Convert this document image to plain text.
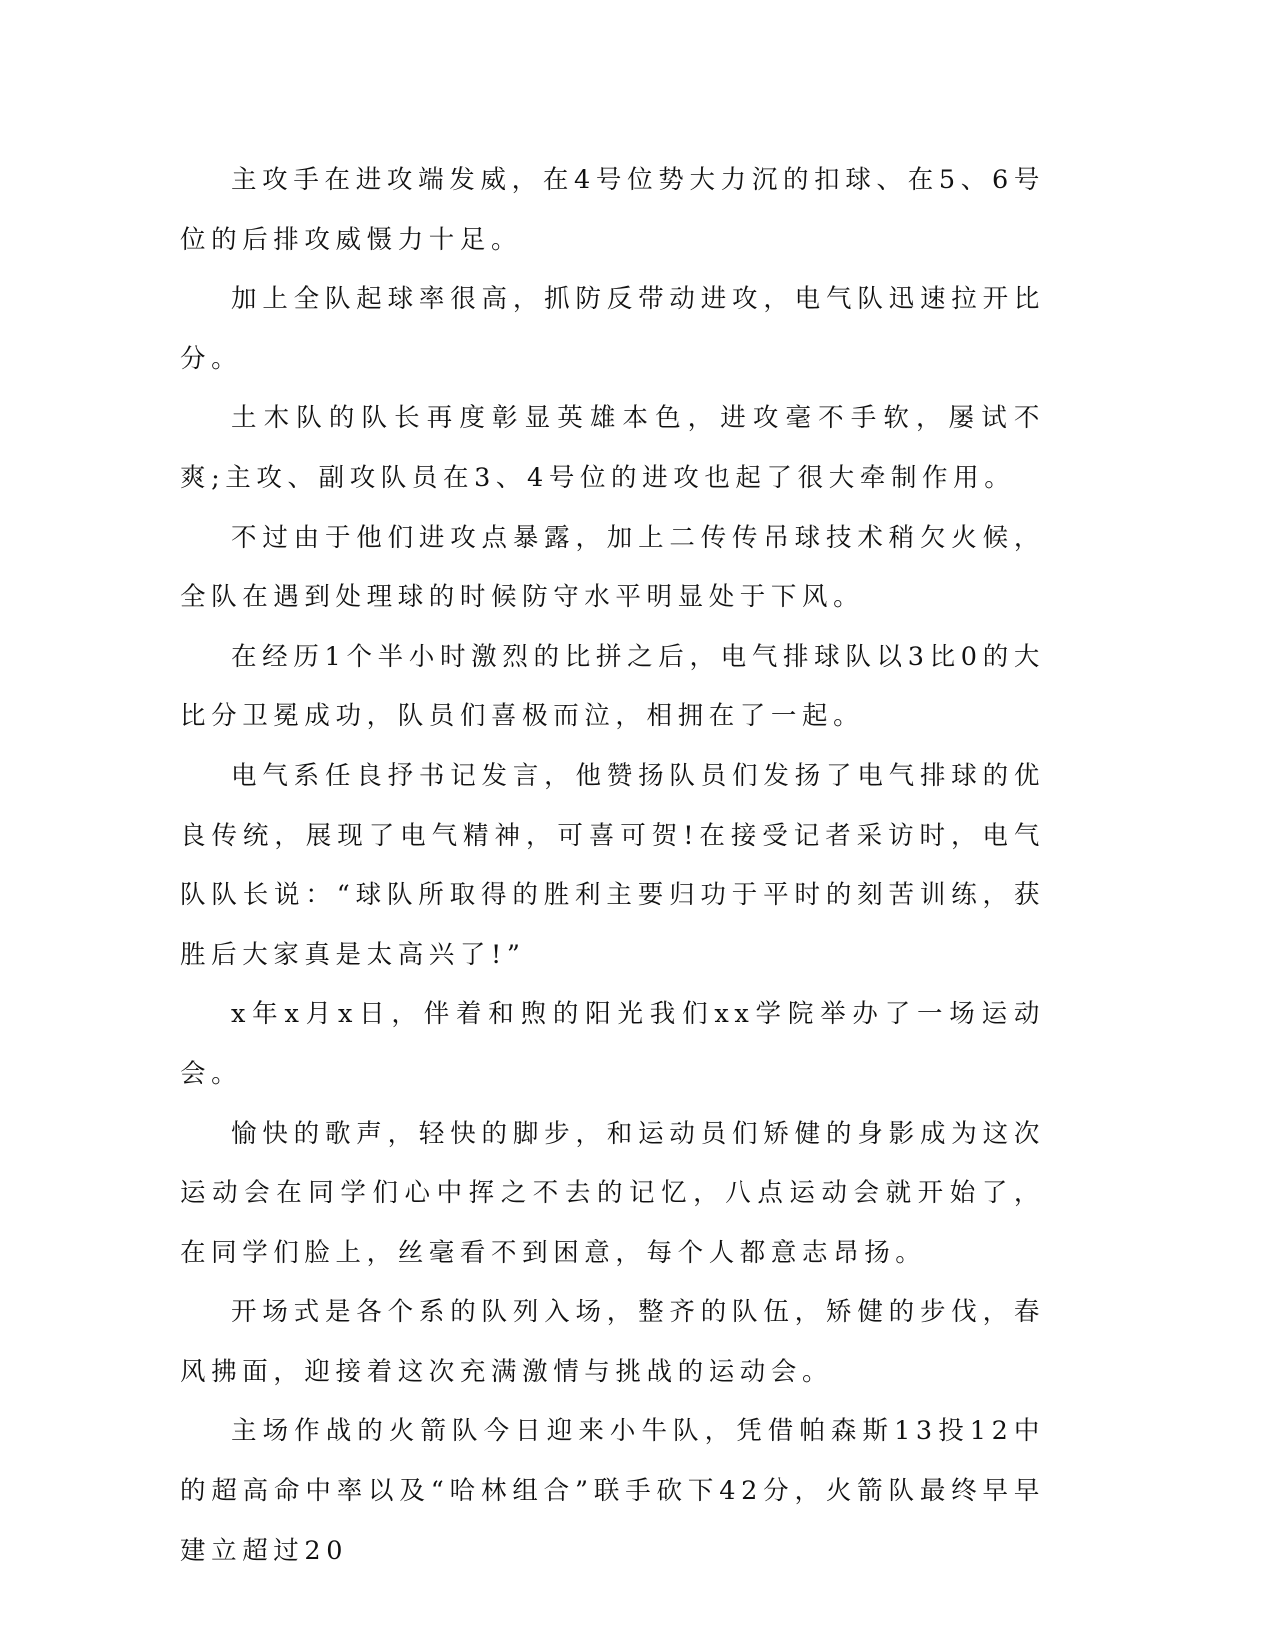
主攻手在进攻端发威，在4号位势大力沉的扣球、在5、6号位的后排攻威慑力十足。

加上全队起球率很高，抓防反带动进攻，电气队迅速拉开比分。

土木队的队长再度彰显英雄本色，进攻毫不手软，屡试不爽;主攻、副攻队员在3、4号位的进攻也起了很大牵制作用。

不过由于他们进攻点暴露，加上二传传吊球技术稍欠火候，全队在遇到处理球的时候防守水平明显处于下风。

在经历1个半小时激烈的比拼之后，电气排球队以3比0的大比分卫冕成功，队员们喜极而泣，相拥在了一起。

电气系任良抒书记发言，他赞扬队员们发扬了电气排球的优良传统，展现了电气精神，可喜可贺!在接受记者采访时，电气队队长说：“球队所取得的胜利主要归功于平时的刻苦训练，获胜后大家真是太高兴了!”

x年x月x日，伴着和煦的阳光我们xx学院举办了一场运动会。

愉快的歌声，轻快的脚步，和运动员们矫健的身影成为这次运动会在同学们心中挥之不去的记忆，八点运动会就开始了，在同学们脸上，丝毫看不到困意，每个人都意志昂扬。

开场式是各个系的队列入场，整齐的队伍，矫健的步伐，春风拂面，迎接着这次充满激情与挑战的运动会。

主场作战的火箭队今日迎来小牛队，凭借帕森斯13投12中的超高命中率以及“哈林组合”联手砍下42分，火箭队最终早早建立超过20
